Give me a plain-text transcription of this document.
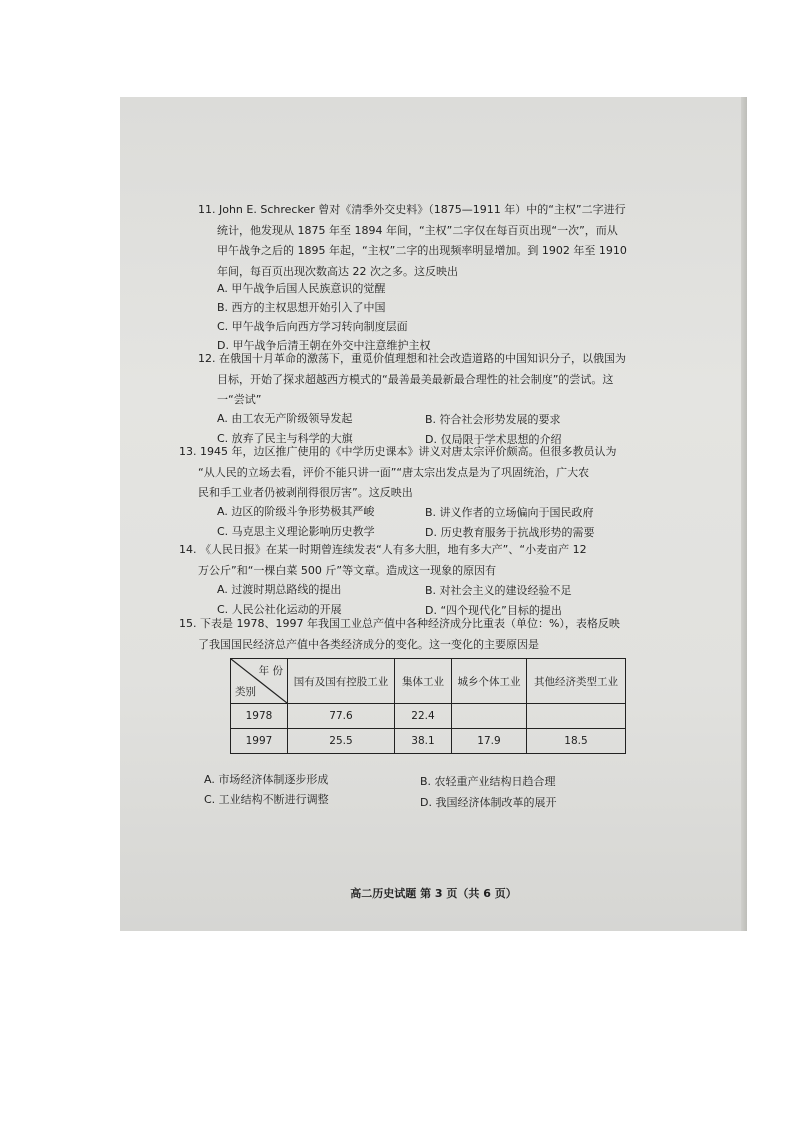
11. John E. Schrecker 曾对《清季外交史料》（1875—1911 年）中的“主权”二字进行
统计，他发现从 1875 年至 1894 年间，“主权”二字仅在每百页出现“一次”，而从
甲午战争之后的 1895 年起，“主权”二字的出现频率明显增加。到 1902 年至 1910
年间，每百页出现次数高达 22 次之多。这反映出
A. 甲午战争后国人民族意识的觉醒
B. 西方的主权思想开始引入了中国
C. 甲午战争后向西方学习转向制度层面
D. 甲午战争后清王朝在外交中注意维护主权
12. 在俄国十月革命的激荡下，重觅价值理想和社会改造道路的中国知识分子，以俄国为
目标，开始了探求超越西方模式的“最善最美最新最合理性的社会制度”的尝试。这
一“尝试”
A. 由工农无产阶级领导发起	B. 符合社会形势发展的要求
C. 放弃了民主与科学的大旗	D. 仅局限于学术思想的介绍
13. 1945 年，边区推广使用的《中学历史课本》讲义对唐太宗评价颇高。但很多教员认为
“从人民的立场去看，评价不能只讲一面”“唐太宗出发点是为了巩固统治，广大农
民和手工业者仍被剥削得很厉害”。这反映出
A. 边区的阶级斗争形势极其严峻	B. 讲义作者的立场偏向于国民政府
C. 马克思主义理论影响历史教学	D. 历史教育服务于抗战形势的需要
14. 《人民日报》在某一时期曾连续发表“人有多大胆，地有多大产”、“小麦亩产 12
万公斤”和“一棵白菜 500 斤”等文章。造成这一现象的原因有
A. 过渡时期总路线的提出	B. 对社会主义的建设经验不足
C. 人民公社化运动的开展	D. “四个现代化”目标的提出
15. 下表是 1978、1997 年我国工业总产值中各种经济成分比重表（单位：%），表格反映
了我国国民经济总产值中各类经济成分的变化。这一变化的主要原因是
年 份
类别	国有及国有控股工业	集体工业	城乡个体工业	其他经济类型工业
1978	77.6	22.4		
1997	25.5	38.1	17.9	18.5
A. 市场经济体制逐步形成	B. 农轻重产业结构日趋合理
C. 工业结构不断进行调整	D. 我国经济体制改革的展开
高二历史试题 第 3 页（共 6 页）
